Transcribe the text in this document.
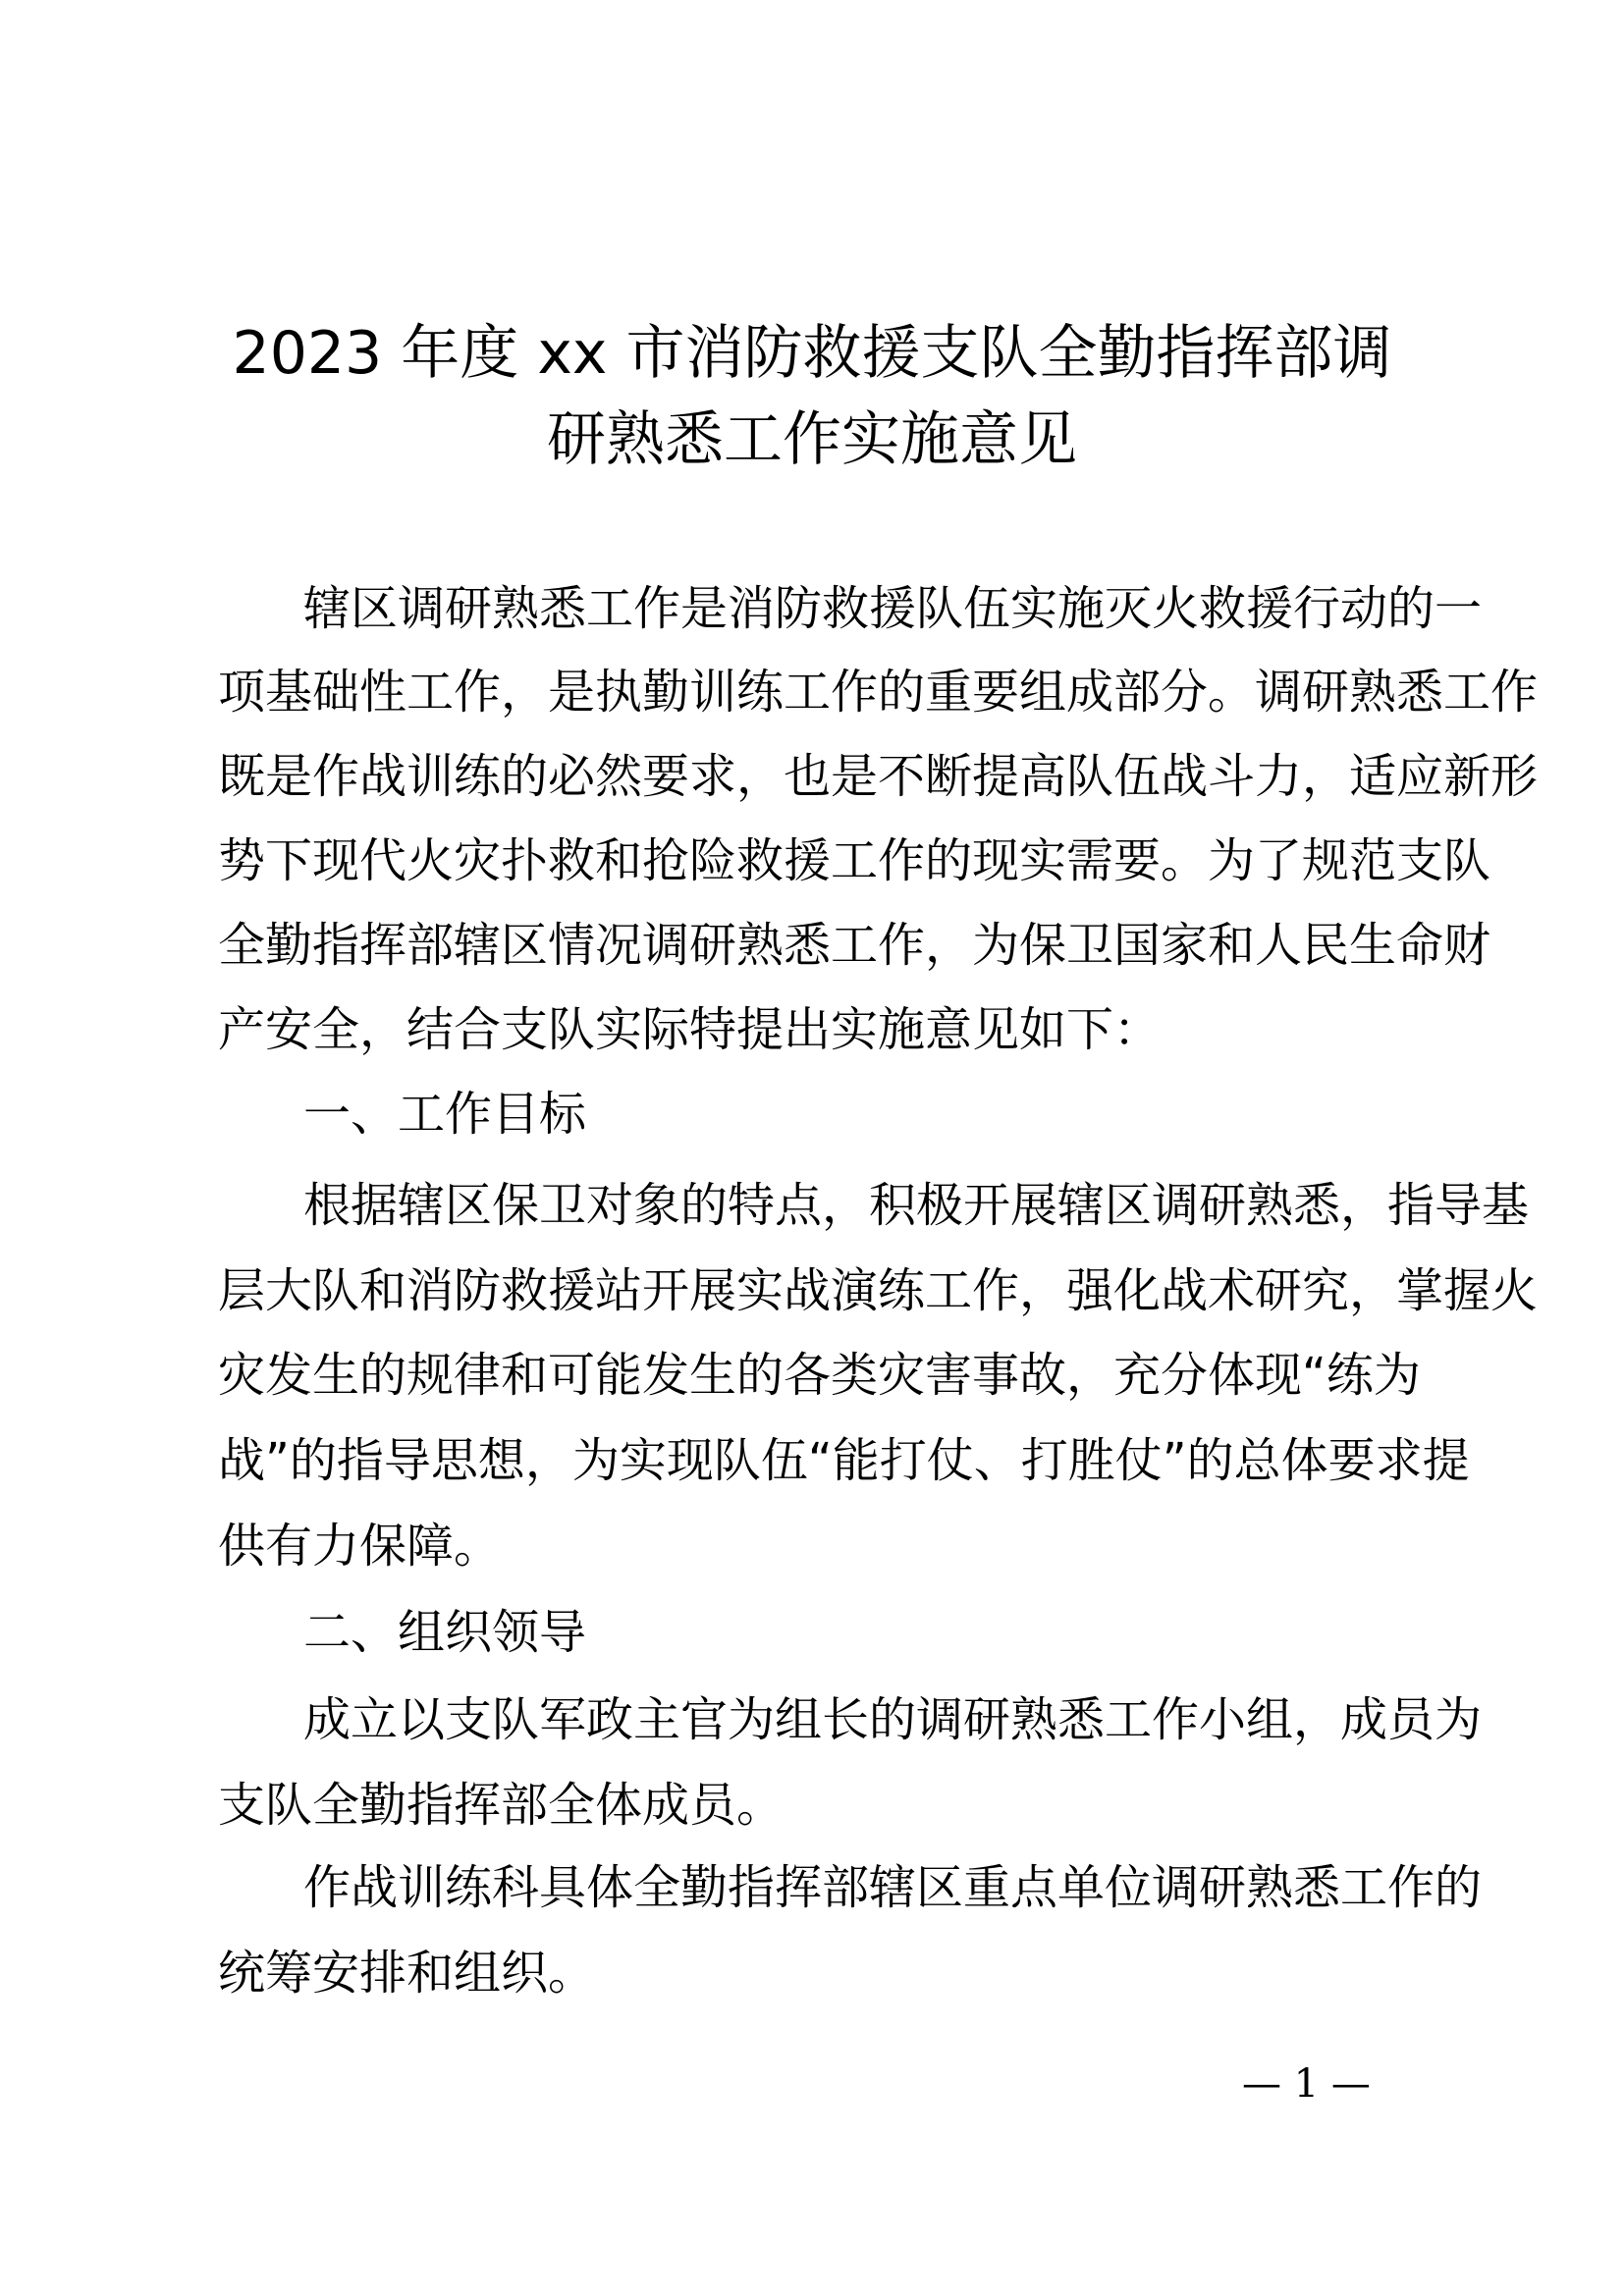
2023 年度 xx 市消防救援支队全勤指挥部调
研熟悉工作实施意见
辖区调研熟悉工作是消防救援队伍实施灭火救援行动的一
项基础性工作，是执勤训练工作的重要组成部分。调研熟悉工作
既是作战训练的必然要求，也是不断提高队伍战斗力，适应新形
势下现代火灾扑救和抢险救援工作的现实需要。为了规范支队
全勤指挥部辖区情况调研熟悉工作，为保卫国家和人民生命财
产安全，结合支队实际特提出实施意见如下：
一、工作目标
根据辖区保卫对象的特点，积极开展辖区调研熟悉，指导基
层大队和消防救援站开展实战演练工作，强化战术研究，掌握火
灾发生的规律和可能发生的各类灾害事故，充分体现“练为
战”的指导思想，为实现队伍“能打仗、打胜仗”的总体要求提
供有力保障。
二、组织领导
成立以支队军政主官为组长的调研熟悉工作小组，成员为
支队全勤指挥部全体成员。
作战训练科具体全勤指挥部辖区重点单位调研熟悉工作的
统筹安排和组织。
— 1 —
